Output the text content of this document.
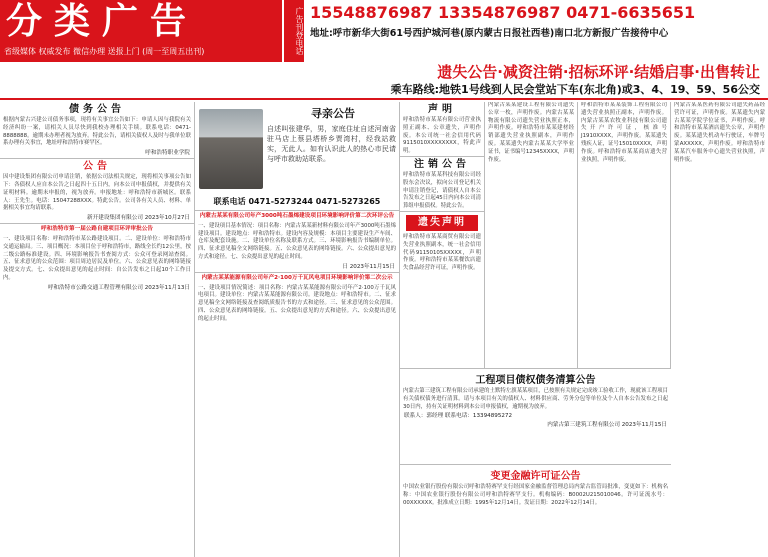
分类广告
省级媒体 权威发布 微信办理 送报上门 (周一至周五出刊)	广告刊登电话 15548876987 13354876987 0471-6635651
地址:呼市新华大街61号西护城河巷(原内蒙古日报社西巷)南口北方新报广告接待中心
遗失公告·减资注销·招标环评·结婚启事·出售转让
乘车路线:地铁1号线到人民会堂站下车(东北角)或3、4、19、59、56公交
债务公告
根据内蒙古兴建公司债务事项，现将有关事宜公告如下：申请人因与我院有关经济纠纷一案，请相关人员尽快到我校办理相关手续。联系电话：0471-8888888。逾期未办理者视为放弃。特此公告，请相关债权人及时与我单位联系办理有关事宜，地址呼和浩特市赛罕区。
呼和浩特职业学院
公告
因中建设集团有限公司申请注销，依据公司法相关规定，现将相关事项公告如下：各债权人应自本公告之日起四十五日内，向本公司申报债权，并提供有关证明材料。逾期未申报的，视为放弃。申报地址：呼和浩特市新城区。联系人：王先生。电话：15047288XXX。特此公告。公司各有关人员、材料、单据相关事宜均请联系。
新开建设集团有限公司 2023年10月27日
呼和浩特市第一届公路自建项目环评审批公告
一、建设项目名称：呼和浩特市某公路建设项目。二、建设单位：呼和浩特市交通运输局。三、项目概况：本项目位于呼和浩特市，路线全长约12公里，按二级公路标准建设。四、环境影响报告书查阅方式：公众可登录网站查阅。五、征求意见的公众范围：项目周边居民及单位。六、公众意见表的网络链接及提交方式。七、公众提出意见的起止时间：自公告发布之日起10个工作日内。
呼和浩特市公路交通工程管理有限公司 2023年11月13日
寻亲公告
自述叫张建华，男，家庭住址自述河南省驻马店上蔡县塔桥乡贾湾村，经我站救实，无此人。如有认识此人的热心市民请与呼市救助站联系。
联系电话 0471-5273244 0471-5273265
内蒙古某某有限公司年产3000吨石墨烯建设项目环境影响评价第二次环评公告
一、建设项目基本情况：项目名称：内蒙古某某新材料有限公司年产3000吨石墨烯建设项目。建设地点：呼和浩特市。建设内容及规模：本项目主要建设生产车间、仓库及配套设施。二、建设单位名称及联系方式。三、环境影响报告书编制单位。四、征求意见稿全文网络链接。五、公众意见表的网络链接。六、公众提出意见的方式和途径。七、公众提出意见的起止时间。
日 2023年11月15日
内蒙古某某能源有限公司年产2·100万千瓦风电项目环境影响评价第二次公示
一、建设项目情况简述：项目名称：内蒙古某某能源有限公司年产2·100万千瓦风电项目。建设单位：内蒙古某某能源有限公司。建设地点：呼和浩特市。二、征求意见稿全文网络链接及查阅纸质报告书的方式和途径。三、征求意见的公众范围。四、公众意见表的网络链接。五、公众提出意见的方式和途径。六、公众提出意见的起止时间。
声明
呼和浩特市某某有限公司营业执照正副本、公章遗失，声明作废。本公司统一社会信用代码9115010XXXXXXXX，特此声明。
注销公告
呼和浩特市某某科技有限公司经股东会决议，拟向公司登记机关申请注销登记，请债权人自本公告发布之日起45日内向本公司清算组申报债权。特此公告。
遗失声明
呼和浩特市某某商贸有限公司遗失营业执照副本，统一社会信用代码91150105XXXXX，声明作废。呼和浩特市某某餐饮店遗失食品经营许可证，声明作废。
内蒙古某某建设工程有限公司遗失公章一枚，声明作废。内蒙古某某物流有限公司遗失营业执照正本，声明作废。呼和浩特市某某建材经销部遗失营业执照副本，声明作废。某某遗失内蒙古某某大学毕业证书，证书编号12345XXXX，声明作废。
呼和浩特市某某装饰工程有限公司遗失营业执照正副本，声明作废。内蒙古某某农牧业科技有限公司遗失开户许可证，核准号J1910XXXX，声明作废。某某遗失残疾人证，证号15010XXXX，声明作废。呼和浩特市某某商店遗失营业执照，声明作废。
内蒙古某某医药有限公司遗失药品经营许可证，声明作废。某某遗失内蒙古某某学院学位证书，声明作废。呼和浩特市某某酒店遗失公章，声明作废。某某遗失机动车行驶证，车牌号蒙AXXXXX，声明作废。呼和浩特市某某汽车服务中心遗失营业执照，声明作废。
工程项目债权债务清算公告
内蒙古第三建筑工程有限公司承建的土默特左旗某某项目，已按照有关规定完成竣工验收工作，现就该工程项目有关债权债务进行清算。请与本项目有关的债权人、材料供应商、劳务分包等单位及个人自本公告发布之日起30日内，持有关证明材料到本公司申报债权，逾期视为放弃。
联系人：郭经理 联系电话：13394895272
内蒙古第三建筑工程有限公司 2023年11月15日
变更金融许可证公告
中国农业银行股份有限公司呼和浩特赛罕支行经国家金融监督管理总局内蒙古监管局批准，变更如下：机构名称：中国农业银行股份有限公司呼和浩特赛罕支行。机构编码：B0002U215010046。许可证流水号：00XXXXXX。批准成立日期：1995年12月14日。发证日期：2022年12月14日。
